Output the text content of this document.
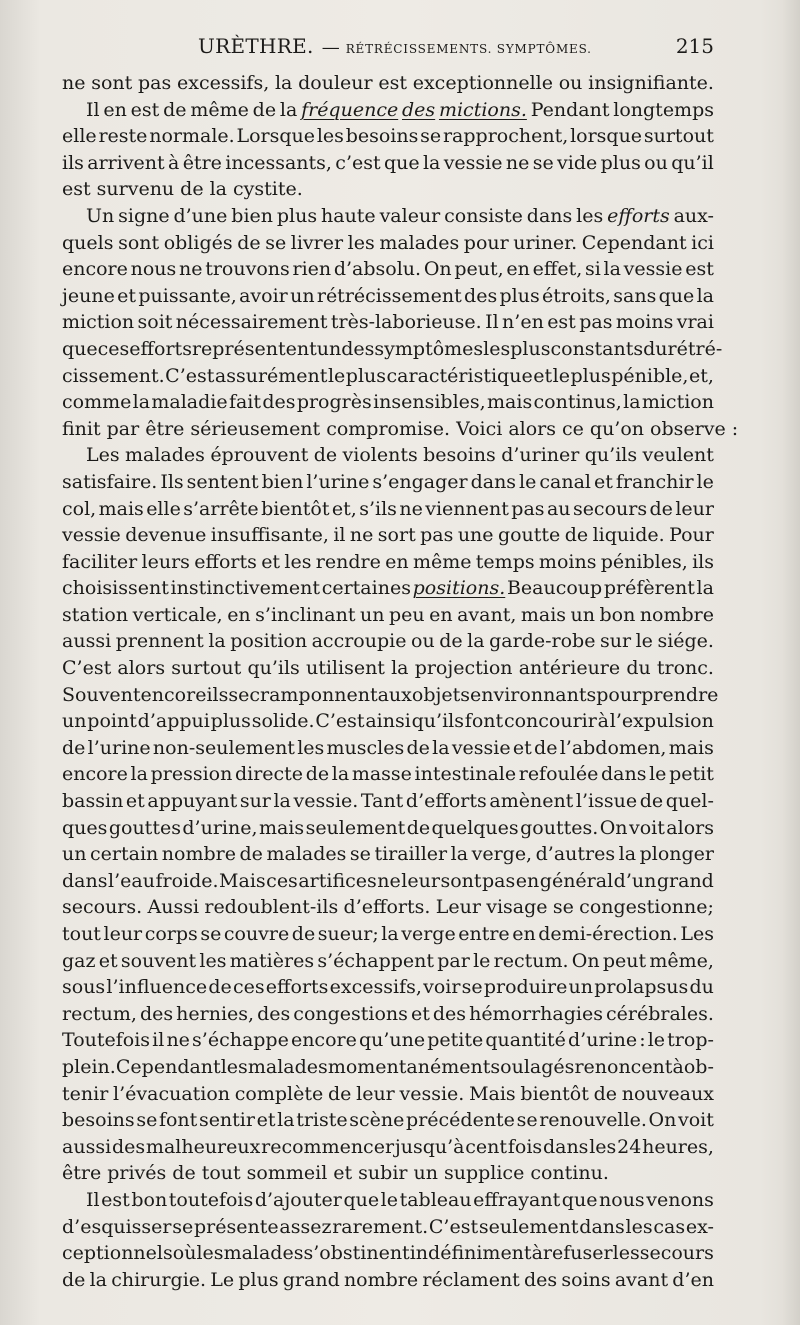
URÈTHRE. — RÉTRÉCISSEMENTS. SYMPTÔMES.	215
ne sont pas excessifs, la douleur est exceptionnelle ou insignifiante.
Il en est de même de la fréquence des mictions. Pendant longtemps
elle reste normale. Lorsque les besoins se rapprochent, lorsque surtout
ils arrivent à être incessants, c’est que la vessie ne se vide plus ou qu’il
est survenu de la cystite.
Un signe d’une bien plus haute valeur consiste dans les efforts aux-
quels sont obligés de se livrer les malades pour uriner. Cependant ici
encore nous ne trouvons rien d’absolu. On peut, en effet, si la vessie est
jeune et puissante, avoir un rétrécissement des plus étroits, sans que la
miction soit nécessairement très-laborieuse. Il n’en est pas moins vrai
que ces efforts représentent un des symptômes les plus constants du rétré-
cissement. C’est assurément le plus caractéristique et le plus pénible, et,
comme la maladie fait des progrès insensibles, mais continus, la miction
finit par être sérieusement compromise. Voici alors ce qu’on observe :
Les malades éprouvent de violents besoins d’uriner qu’ils veulent
satisfaire. Ils sentent bien l’urine s’engager dans le canal et franchir le
col, mais elle s’arrête bientôt et, s’ils ne viennent pas au secours de leur
vessie devenue insuffisante, il ne sort pas une goutte de liquide. Pour
faciliter leurs efforts et les rendre en même temps moins pénibles, ils
choisissent instinctivement certaines positions. Beaucoup préfèrent la
station verticale, en s’inclinant un peu en avant, mais un bon nombre
aussi prennent la position accroupie ou de la garde-robe sur le siége.
C’est alors surtout qu’ils utilisent la projection antérieure du tronc.
Souvent encore ils se cramponnent aux objets environnants pour prendre
un point d’appui plus solide. C’est ainsi qu’ils font concourir à l’expulsion
de l’urine non-seulement les muscles de la vessie et de l’abdomen, mais
encore la pression directe de la masse intestinale refoulée dans le petit
bassin et appuyant sur la vessie. Tant d’efforts amènent l’issue de quel-
ques gouttes d’urine, mais seulement de quelques gouttes. On voit alors
un certain nombre de malades se tirailler la verge, d’autres la plonger
dans l’eau froide. Mais ces artifices ne leur sont pas en général d’un grand
secours. Aussi redoublent-ils d’efforts. Leur visage se congestionne;
tout leur corps se couvre de sueur; la verge entre en demi-érection. Les
gaz et souvent les matières s’échappent par le rectum. On peut même,
sous l’influence de ces efforts excessifs, voir se produire un prolapsus du
rectum, des hernies, des congestions et des hémorrhagies cérébrales.
Toutefois il ne s’échappe encore qu’une petite quantité d’urine : le trop-
plein. Cependant les malades momentanément soulagés renoncent à ob-
tenir l’évacuation complète de leur vessie. Mais bientôt de nouveaux
besoins se font sentir et la triste scène précédente se renouvelle. On voit
aussi des malheureux recommencer jusqu’à cent fois dans les 24 heures,
être privés de tout sommeil et subir un supplice continu.
Il est bon toutefois d’ajouter que le tableau effrayant que nous venons
d’esquisser se présente assez rarement. C’est seulement dans les cas ex-
ceptionnels où les malades s’obstinent indéfiniment à refuser les secours
de la chirurgie. Le plus grand nombre réclament des soins avant d’en
